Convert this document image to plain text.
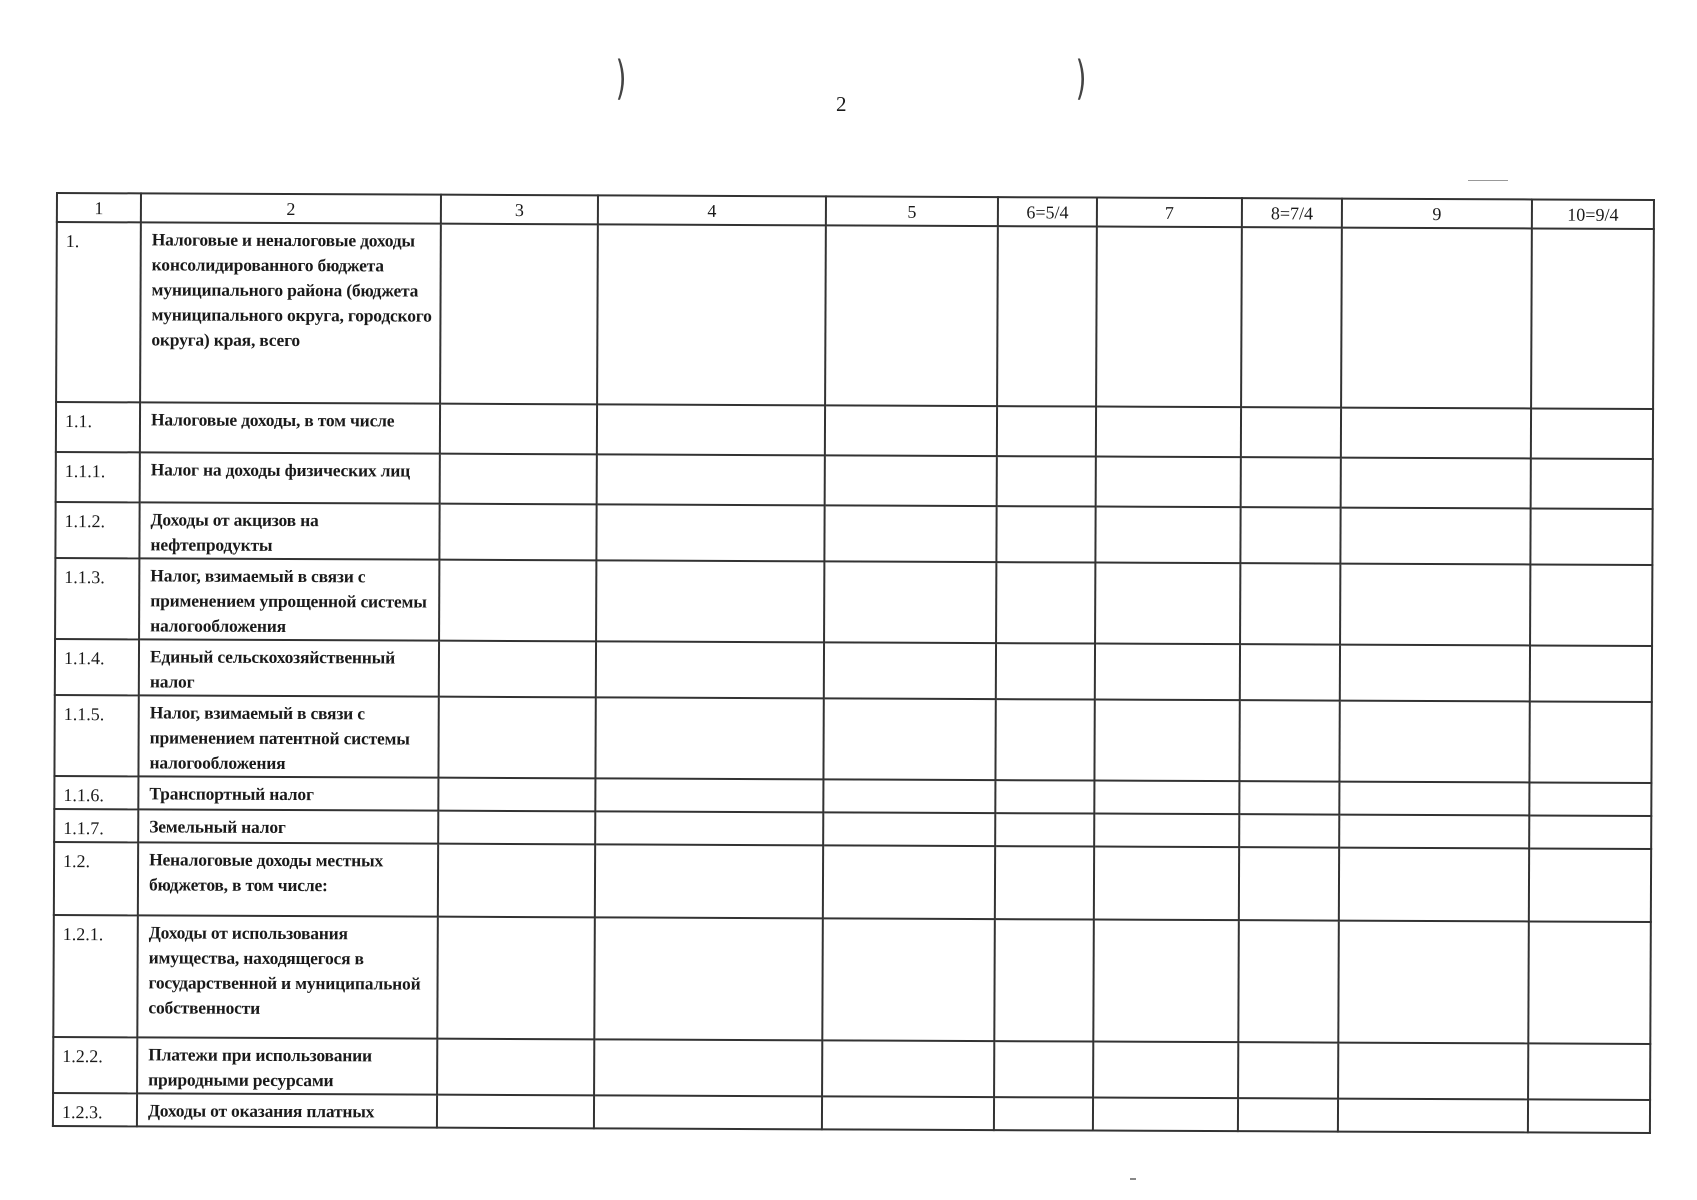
)	)
2
1	2	3	4	5	6=5/4	7	8=7/4	9	10=9/4
1.	Налоговые и неналоговые доходы консолидированного бюджета муниципального района (бюджета муниципального округа, городского округа) края, всего								
1.1.	Налоговые доходы, в том числе								
1.1.1.	Налог на доходы физических лиц								
1.1.2.	Доходы от акцизов на нефтепродукты								
1.1.3.	Налог, взимаемый в связи с применением упрощенной системы налогообложения								
1.1.4.	Единый сельскохозяйственный налог								
1.1.5.	Налог, взимаемый в связи с применением патентной системы налогообложения								
1.1.6.	Транспортный налог								
1.1.7.	Земельный налог								
1.2.	Неналоговые доходы местных бюджетов, в том числе:								
1.2.1.	Доходы от использования имущества, находящегося в государственной и муниципальной собственности								
1.2.2.	Платежи при использовании природными ресурсами								
1.2.3.	Доходы от оказания платных								
